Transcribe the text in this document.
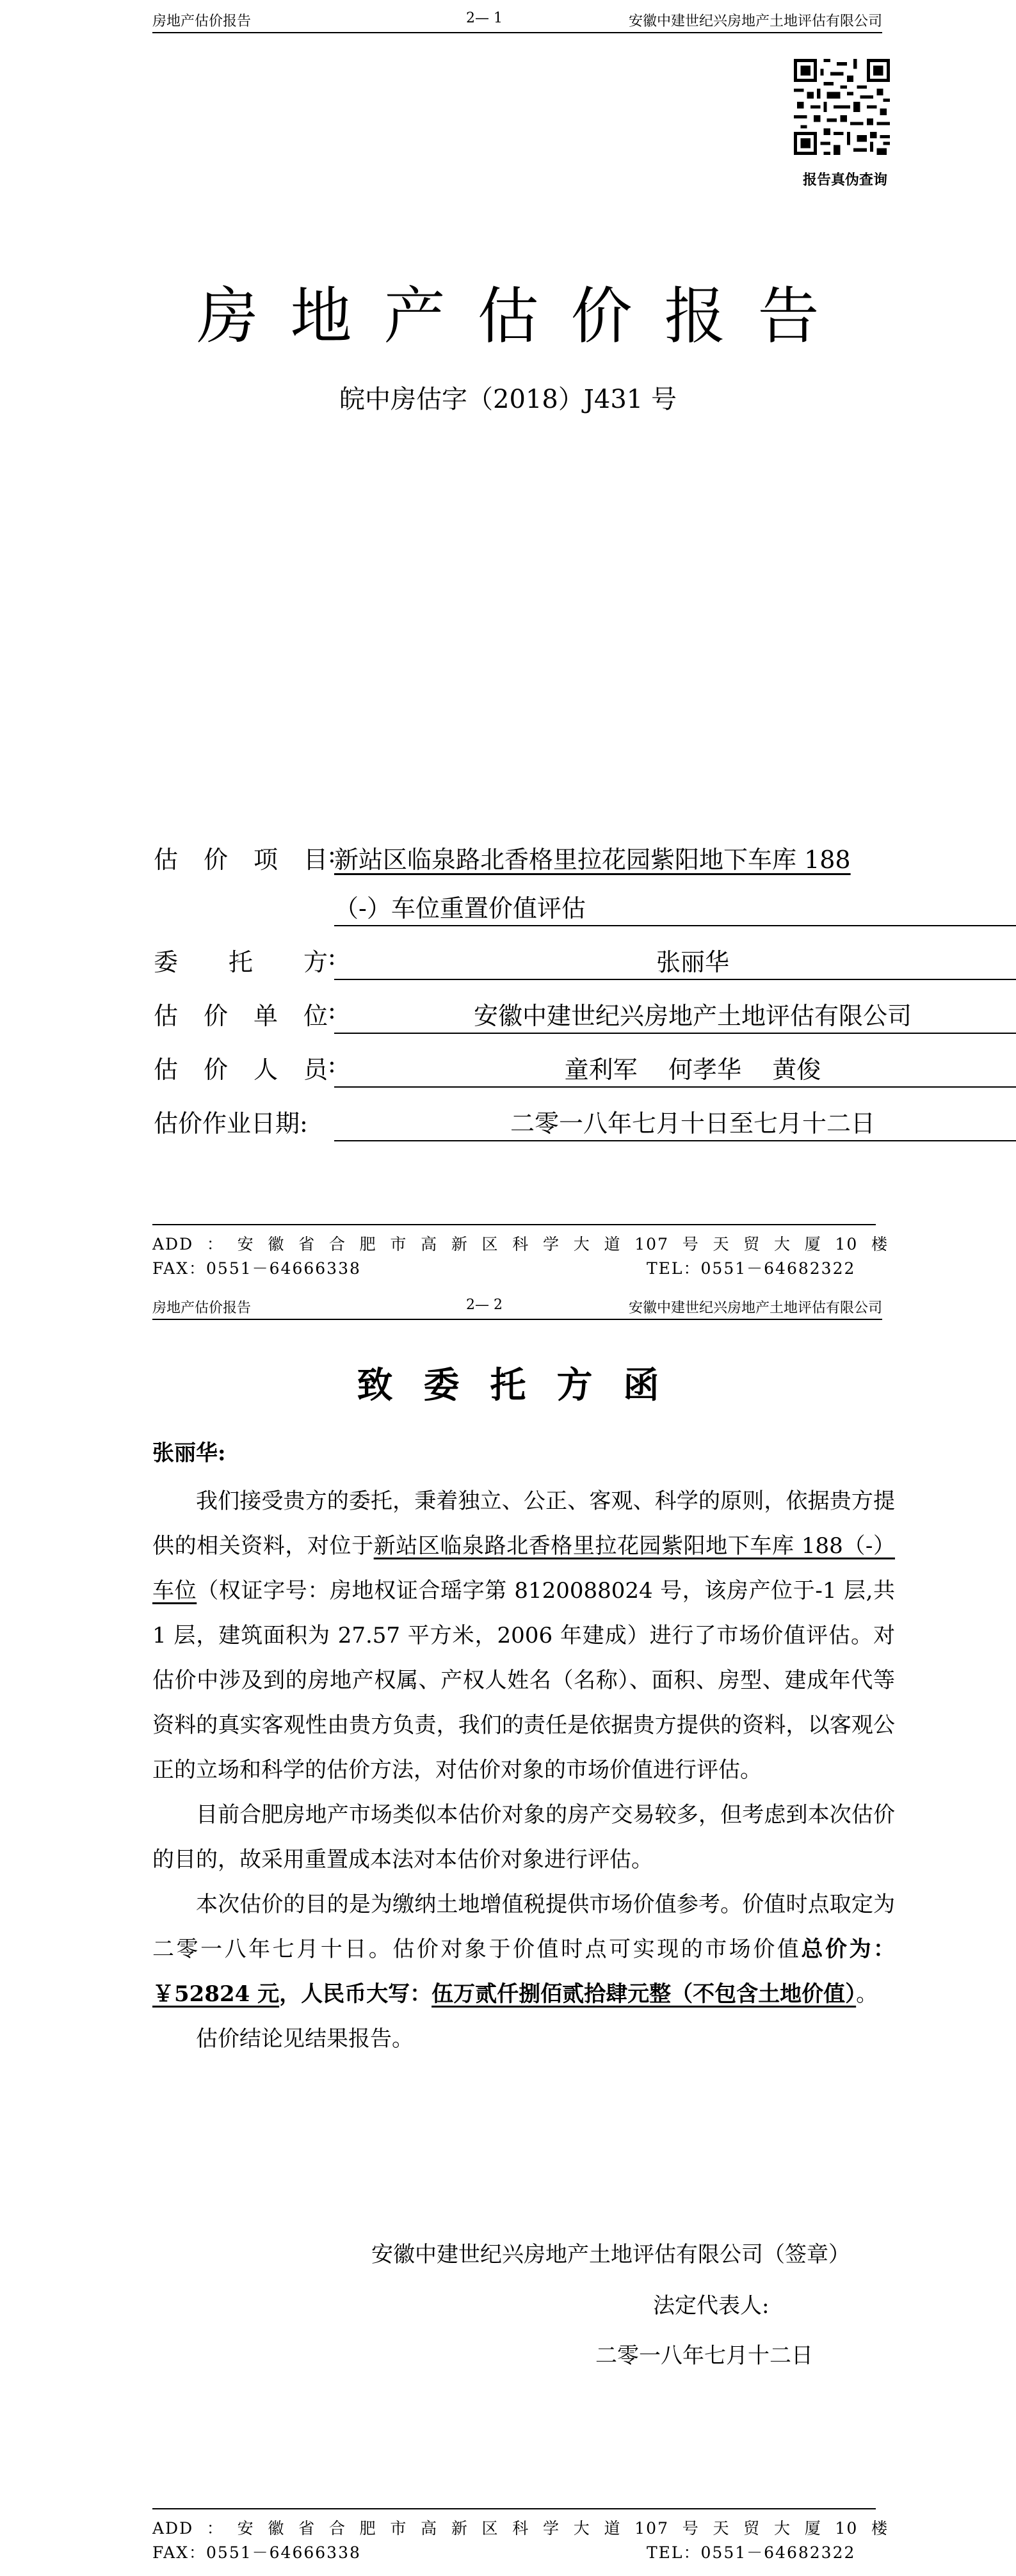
房地产估价报告	2— 1	安徽中建世纪兴房地产土地评估有限公司
报告真伪查询
房地产估价报告
皖中房估字（2018）J431 号
估价项目 :
新站区临泉路北香格里拉花园紫阳地下车库 188
（-）车位重置价值评估
委托方 :	张丽华
估价单位 :	安徽中建世纪兴房地产土地评估有限公司
估价人员 :	童利军    何孝华    黄俊
估价作业日期:	二零一八年七月十日至七月十二日
ADD：安徽省合肥市高新区科学大道107号天贸大厦10楼
FAX：0551－64666338	TEL：0551－64682322
房地产估价报告	2— 2	安徽中建世纪兴房地产土地评估有限公司
致委托方函
张丽华:

我们接受贵方的委托，秉着独立、公正、客观、科学的原则，依据贵方提供的相关资料，对位于新站区临泉路北香格里拉花园紫阳地下车库 188（-）车位（权证字号：房地权证合瑶字第 8120088024 号，该房产位于-1 层,共 1 层，建筑面积为 27.57 平方米，2006 年建成）进行了市场价值评估。对估价中涉及到的房地产权属、产权人姓名（名称）、面积、房型、建成年代等资料的真实客观性由贵方负责，我们的责任是依据贵方提供的资料，以客观公正的立场和科学的估价方法，对估价对象的市场价值进行评估。

目前合肥房地产市场类似本估价对象的房产交易较多，但考虑到本次估价的目的，故采用重置成本法对本估价对象进行评估。

本次估价的目的是为缴纳土地增值税提供市场价值参考。价值时点取定为二零一八年七月十日。估价对象于价值时点可实现的市场价值总价为：￥52824 元，人民币大写：伍万贰仟捌佰贰拾肆元整（不包含土地价值）。

估价结论见结果报告。

安徽中建世纪兴房地产土地评估有限公司（签章）
法定代表人:
二零一八年七月十二日
ADD：安徽省合肥市高新区科学大道107号天贸大厦10楼
FAX：0551－64666338	TEL：0551－64682322
